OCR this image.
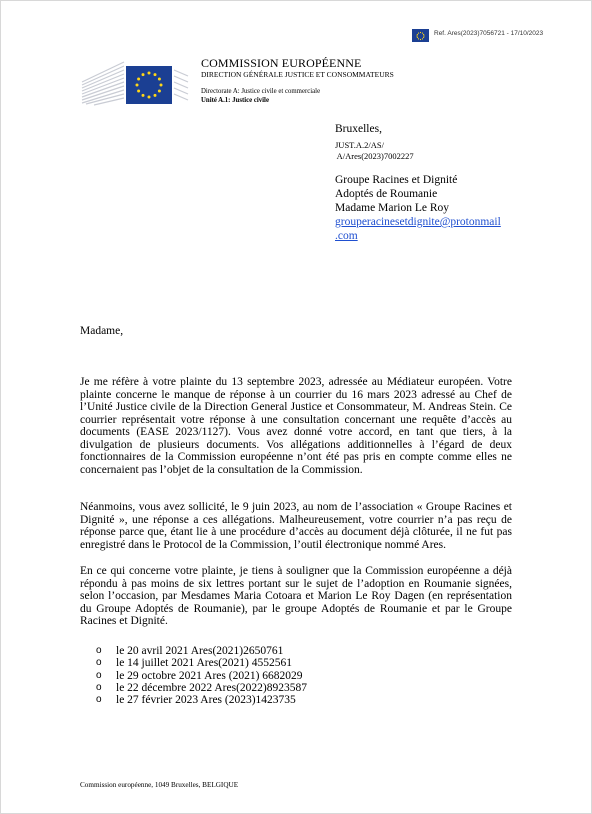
Ref. Ares(2023)7056721 - 17/10/2023
COMMISSION EUROPÉENNE
DIRECTION GÉNÉRALE JUSTICE ET CONSOMMATEURS
Directorate A: Justice civile et commerciale
Unité A.1: Justice civile
Bruxelles,
JUST.A.2/AS/
A/Ares(2023)7002227
Groupe Racines et Dignité
Adoptés de Roumanie
Madame Marion Le Roy
grouperacinesetdignite@protonmail
.com
Madame,
Je me réfère à votre plainte du 13 septembre 2023, adressée au Médiateur européen. Votre plainte concerne le manque de réponse à un courrier du 16 mars 2023 adressé au Chef de l’Unité Justice civile de la Direction General Justice et Consommateur, M. Andreas Stein. Ce courrier représentait votre réponse à une consultation concernant une requête d’accès au documents (EASE 2023/1127). Vous avez donné votre accord, en tant que tiers, à la divulgation de plusieurs documents. Vos allégations additionnelles à l’égard de deux fonctionnaires de la Commission européenne n’ont été pas pris en compte comme elles ne concernaient pas l’objet de la consultation de la Commission.
Néanmoins, vous avez sollicité, le 9 juin 2023, au nom de l’association « Groupe Racines et Dignité », une réponse a ces allégations. Malheureusement, votre courrier n’a pas reçu de réponse parce que, étant lie à une procédure d’accès au document déjà clôturée, il ne fut pas enregistré dans le Protocol de la Commission, l’outil électronique nommé Ares.
En ce qui concerne votre plainte, je tiens à souligner que la Commission européenne a déjà répondu à pas moins de six lettres portant sur le sujet de l’adoption en Roumanie signées, selon l’occasion, par Mesdames Maria Cotoara et Marion Le Roy Dagen (en représentation du Groupe Adoptés de Roumanie), par le groupe Adoptés de Roumanie et par le Groupe Racines et Dignité.
o le 20 avril 2021 Ares(2021)2650761
o le 14 juillet 2021 Ares(2021) 4552561
o le 29 octobre 2021 Ares (2021) 6682029
o le 22 décembre 2022 Ares(2022)8923587
o le 27 février 2023 Ares (2023)1423735
Commission européenne, 1049 Bruxelles, BELGIQUE
